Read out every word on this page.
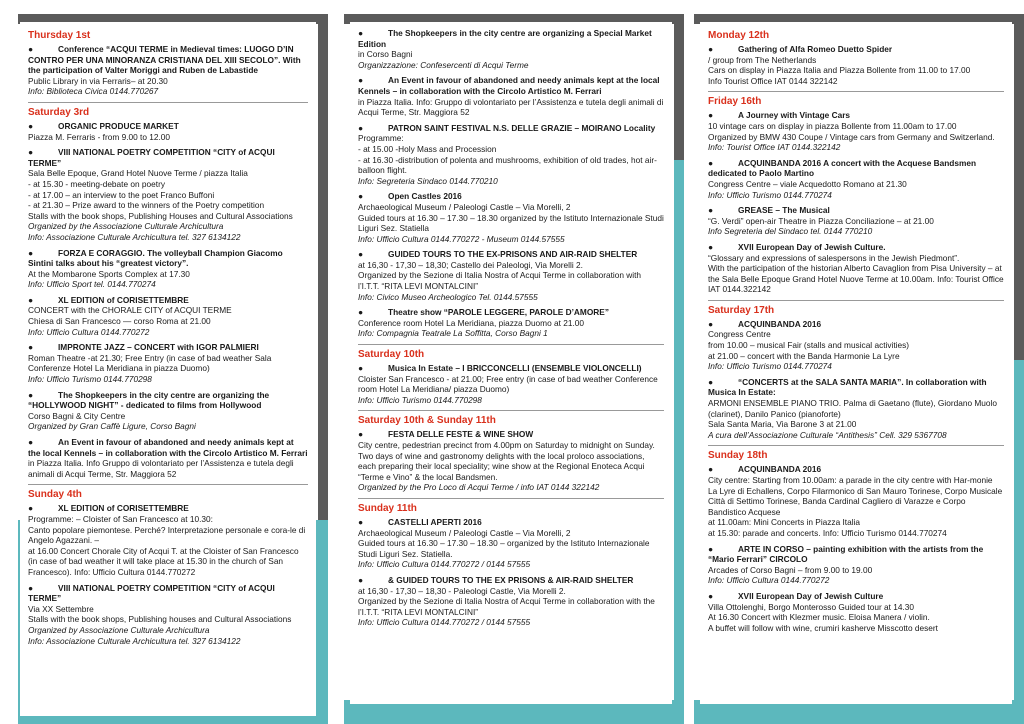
Thursday 1st

●	Conference “ACQUI TERME in Medieval times: LUOGO D’IN CONTRO PER UNA MINORANZA CRISTIANA DEL XIII SECOLO”. With the participation of Valter Moriggi and Ruben de Labastide

Public Library in via Ferraris– at 20.30

Info: Biblioteca Civica 0144.770267

Saturday 3rd

●	ORGANIC PRODUCE MARKET

Piazza M. Ferraris - from 9.00 to 12.00

●	VIII NATIONAL POETRY COMPETITION “CITY of ACQUI TERME”

Sala Belle Epoque, Grand Hotel Nuove Terme / piazza Italia

- at 15.30 - meeting-debate on poetry

- at 17.00 – an interview to the poet Franco Buffoni

- at 21.30 – Prize award to the winners of the Poetry competition

Stalls with the book shops, Publishing Houses and Cultural Associations

Organized by the Associazione Culturale Archicultura

Info: Associazione Culturale Archicultura tel. 327 6134122

●	FORZA E CORAGGIO. The volleyball Champion Giacomo Sintini talks about his “greatest victory”.

At the Mombarone Sports Complex at 17.30

Info: Ufficio Sport tel. 0144.770274

●	XL EDITION of CORISETTEMBRE

CONCERT with the CHORALE CITY of ACQUI TERME

Chiesa di San Francesco — corso Roma at 21.00

Info: Ufficio Cultura 0144.770272

●	IMPRONTE JAZZ – CONCERT with IGOR PALMIERI

Roman Theatre -at 21.30; Free Entry (in case of bad weather Sala Conferenze Hotel La Meridiana in piazza Duomo)

Info: Ufficio Turismo 0144.770298

●	The Shopkeepers in the city centre are organizing the “HOLLYWOOD NIGHT” - dedicated to films from Hollywood

Corso Bagni & City Centre

Organized by Gran Caffè Ligure, Corso Bagni

●	An Event in favour of abandoned and needy animals kept at the local Kennels – in collaboration with the Circolo Artistico M. Ferrari

in Piazza Italia. Info Gruppo di volontariato per l’Assistenza e tutela degli animali di Acqui Terme, Str. Maggiora 52

Sunday 4th

●	XL EDITION of CORISETTEMBRE

Programme: – Cloister of San Francesco at 10.30:

Canto popolare piemontese. Perché? Interpretazione personale e cora-le di Angelo Agazzani. –

at 16.00 Concert Chorale City of Acqui T. at the Cloister of San Francesco (in case of bad weather it will take place at 15.30 in the church of San Francesco). Info: Ufficio Cultura 0144.770272

●	VIII NATIONAL POETRY COMPETITION “CITY of ACQUI TERME”

Via XX Settembre

Stalls with the book shops, Publishing houses and Cultural Associations

Organized by Associazione Culturale Archicultura

Info: Associazione Culturale Archicultura tel. 327 6134122

●	The Shopkeepers in the city centre are organizing a Special Market Edition

in Corso Bagni

Organizzazione: Confesercenti di Acqui Terme

●	An Event in favour of abandoned and needy animals kept at the local Kennels – in collaboration with the Circolo Artistico M. Ferrari

in Piazza Italia. Info: Gruppo di volontariato per l’Assistenza e tutela degli animali di Acqui Terme, Str. Maggiora 52

●	PATRON SAINT FESTIVAL N.S. DELLE GRAZIE – MOIRANO Locality

Programme:

- at 15.00 -Holy Mass and Procession

- at 16.30 -distribution of polenta and mushrooms, exhibition of old trades, hot air-balloon flight.

Info: Segreteria Sindaco 0144.770210

●	Open Castles 2016

Archaeological Museum / Paleologi Castle – Via Morelli, 2

Guided tours at 16.30 – 17.30 – 18.30 organized by the Istituto Internazionale Studi Liguri Sez. Statiella

Info: Ufficio Cultura 0144.770272 - Museum 0144.57555

●	GUIDED TOURS TO THE EX-PRISONS AND AIR-RAID SHELTER

at 16,30 - 17,30 – 18,30; Castello dei Paleologi, Via Morelli 2.

Organized by the Sezione di Italia Nostra of Acqui Terme in collaboration with l’I.T.T. “RITA LEVI MONTALCINI”

Info: Civico Museo Archeologico Tel. 0144.57555

●	Theatre show “PAROLE LEGGERE, PAROLE D’AMORE”

Conference room Hotel La Meridiana, piazza Duomo at 21.00

Info: Compagnia Teatrale La Soffitta, Corso Bagni 1

Saturday 10th

●	Musica In Estate – I BRICCONCELLI (ENSEMBLE VIOLONCELLI)

Cloister San Francesco - at 21.00; Free entry (in case of bad weather Conference room Hotel La Meridiana/ piazza Duomo)

Info: Ufficio Turismo 0144.770298

Saturday 10th & Sunday 11th

●	FESTA DELLE FESTE & WINE SHOW

City centre, pedestrian precinct from 4.00pm on Saturday to midnight on Sunday. Two days of wine and gastronomy delights with the local proloco associations, each preparing their local speciality; wine show at the Regional Enoteca Acqui “Terme e Vino” & the local Bandsmen.

Organized by the Pro Loco di Acqui Terme / info IAT 0144 322142

Sunday 11th

●	CASTELLI APERTI 2016

Archaeological Museum / Paleologi Castle – Via Morelli, 2

Guided tours at 16.30 – 17.30 – 18.30 – organized by the Istituto Internazionale Studi Liguri Sez. Statiella.

Info: Ufficio Cultura 0144.770272 / 0144 57555

●	& GUIDED TOURS TO THE EX PRISONS & AIR-RAID SHELTER

at 16,30 - 17,30 – 18,30 - Paleologi Castle, Via Morelli 2.

Organized by the Sezione di Italia Nostra of Acqui Terme in collaboration with the l’I.T.T. “RITA LEVI MONTALCINI”

Info: Ufficio Cultura 0144.770272 / 0144 57555

Monday 12th

●	Gathering of Alfa Romeo Duetto Spider

/ group from The Netherlands

Cars on display in Piazza Italia and Piazza Bollente from 11.00 to 17.00

Info Tourist Office IAT 0144 322142

Friday 16th

●	A Journey with Vintage Cars

10 vintage cars on display in piazza Bollente from 11.00am to 17.00

Organized by BMW 430 Coupe / Vintage cars from Germany and Switzerland.

Info: Tourist Office IAT 0144.322142

●	ACQUINBANDA 2016 A concert with the Acquese Bandsmen dedicated to Paolo Martino

Congress Centre – viale Acquedotto Romano at 21.30

Info: Ufficio Turismo 0144.770274

●	GREASE – The Musical

“G. Verdi” open-air Theatre in Piazza Conciliazione – at 21.00

Info Segreteria del Sindaco tel. 0144 770210

●	XVII European Day of Jewish Culture.

“Glossary and expressions of salespersons in the Jewish Piedmont”.

With the participation of the historian Alberto Cavaglion from Pisa University – at the Sala Belle Epoque Grand Hotel Nuove Terme at 10.00am. Info: Tourist Office IAT 0144.322142

Saturday 17th

●	ACQUINBANDA 2016

Congress Centre

from 10.00 – musical Fair (stalls and musical activities)

at 21.00 – concert with the Banda Harmonie La Lyre

Info: Ufficio Turismo 0144.770274

●	“CONCERTS at the SALA SANTA MARIA”. In collaboration with Musica In Estate:

ARMONI ENSEMBLE PIANO TRIO. Palma di Gaetano (flute), Giordano Muolo (clarinet), Danilo Panico (pianoforte)

Sala Santa Maria, Via Barone 3 at 21.00

A cura dell’Associazione Culturale “Antithesis” Cell. 329 5367708

Sunday 18th

●	ACQUINBANDA 2016

City centre: Starting from 10.00am: a parade in the city centre with Har-monie La Lyre di Echallens, Corpo Filarmonico di San Mauro Torinese, Corpo Musicale Città di Settimo Torinese, Banda Cardinal Cagliero di Varazze e Corpo Bandistico Acquese

at 11.00am: Mini Concerts in Piazza Italia

at 15.30: parade and concerts. Info: Ufficio Turismo 0144.770274

●	ARTE IN CORSO – painting exhibition with the artists from the “Mario Ferrari” CIRCOLO

Arcades of Corso Bagni – from 9.00 to 19.00

Info: Ufficio Cultura 0144.770272

●	XVII European Day of Jewish Culture

Villa Ottolenghi, Borgo Monterosso Guided tour at 14.30

At 16.30 Concert with Klezmer music. Eloisa Manera / violin.

A buffet will follow with wine, crumiri kasherve Misscotto desert
